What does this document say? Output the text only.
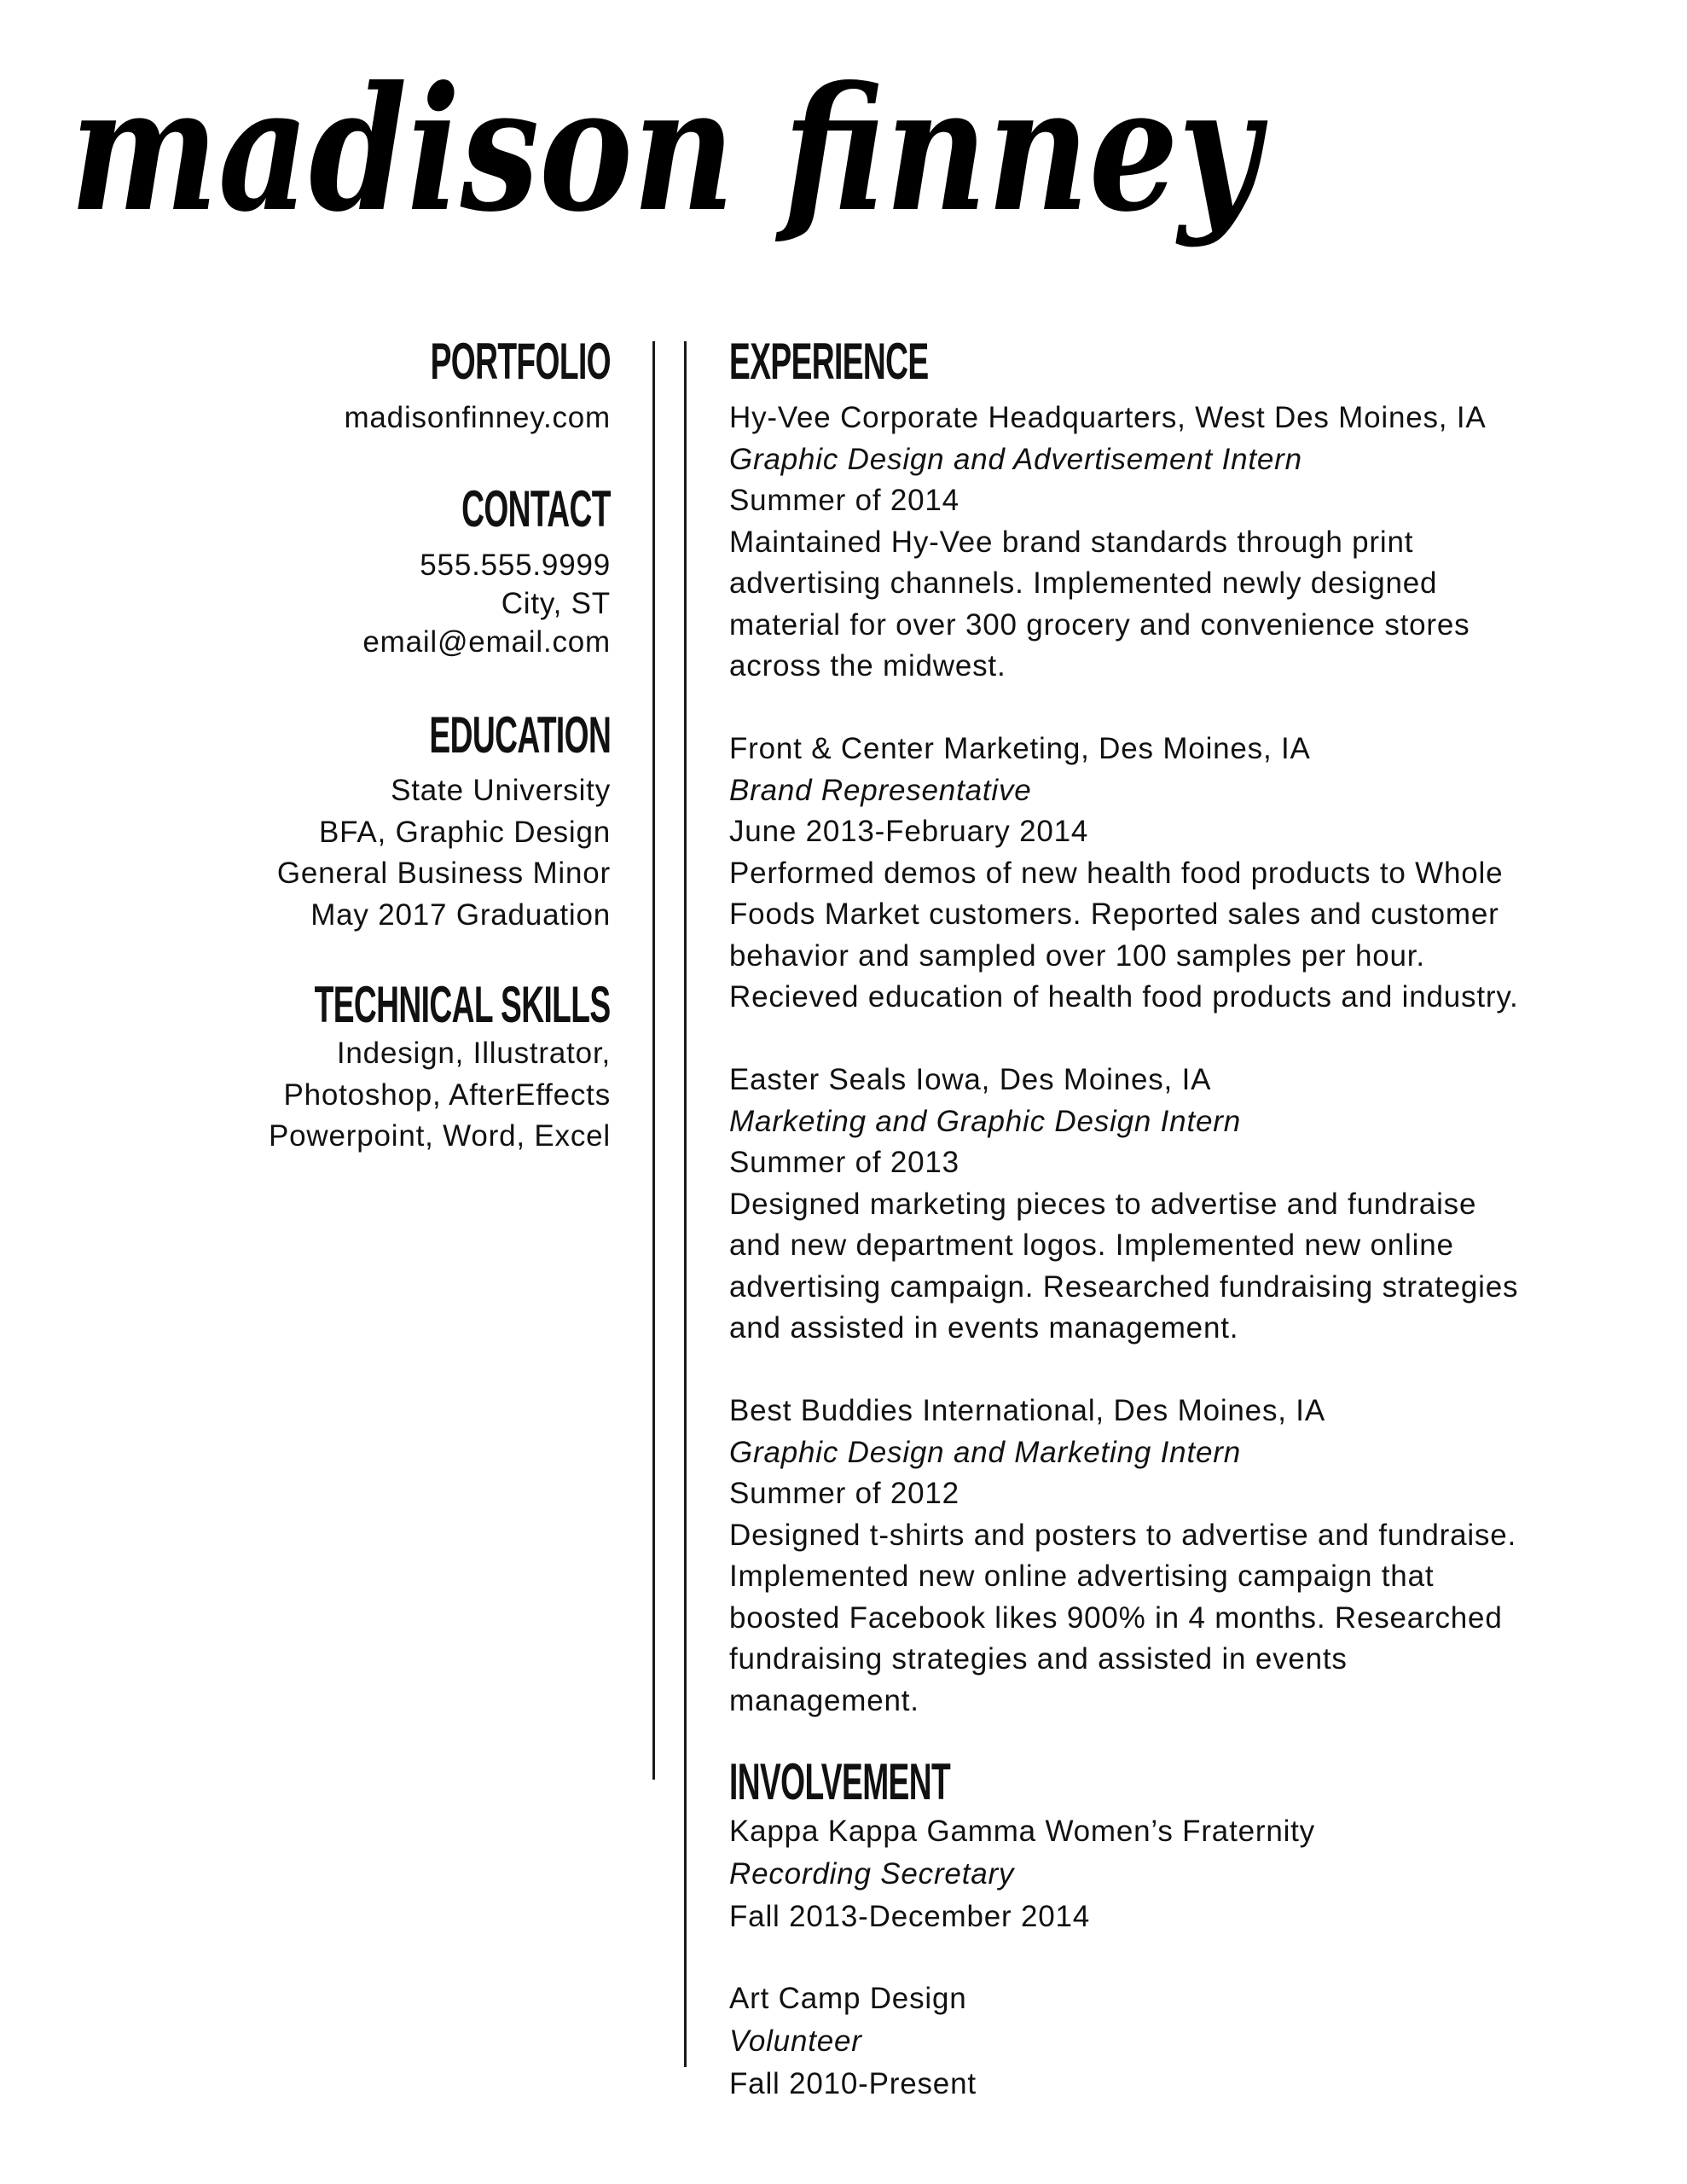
madison finney
PORTFOLIO
madisonfinney.com
CONTACT
555.555.9999
City, ST
email@email.com
EDUCATION
State University
BFA, Graphic Design
General Business Minor
May 2017 Graduation
TECHNICAL SKILLS
Indesign, Illustrator,
Photoshop, AfterEffects
Powerpoint, Word, Excel
EXPERIENCE
Hy-Vee Corporate Headquarters, West Des Moines, IA
Graphic Design and Advertisement Intern
Summer of 2014
Maintained Hy-Vee brand standards through print
advertising channels. Implemented newly designed
material for over 300 grocery and convenience stores
across the midwest.
Front & Center Marketing, Des Moines, IA
Brand Representative
June 2013-February 2014
Performed demos of new health food products to Whole
Foods Market customers. Reported sales and customer
behavior and sampled over 100 samples per hour.
Recieved education of health food products and industry.
Easter Seals Iowa, Des Moines, IA
Marketing and Graphic Design Intern
Summer of 2013
Designed marketing pieces to advertise and fundraise
and new department logos. Implemented new online
advertising campaign. Researched fundraising strategies
and assisted in events management.
Best Buddies International, Des Moines, IA
Graphic Design and Marketing Intern
Summer of 2012
Designed t-shirts and posters to advertise and fundraise.
Implemented new online advertising campaign that
boosted Facebook likes 900% in 4 months. Researched
fundraising strategies and assisted in events
management.
INVOLVEMENT
Kappa Kappa Gamma Women’s Fraternity
Recording Secretary
Fall 2013-December 2014
Art Camp Design
Volunteer
Fall 2010-Present
